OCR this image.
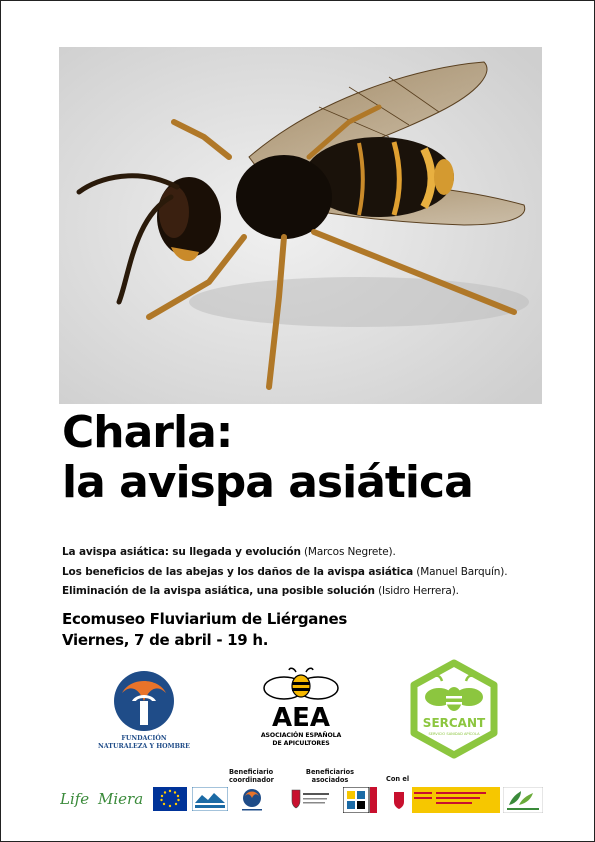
Charla:
la avispa asiática
La avispa asiática: su llegada y evolución (Marcos Negrete).
Los beneficios de las abejas y los daños de la avispa asiática (Manuel Barquín).
Eliminación de la avispa asiática, una posible solución (Isidro Herrera).
Ecomuseo Fluviarium de Liérganes
Viernes, 7 de abril - 19 h.
FUNDACIÓN
NATURALEZA Y HOMBRE
AEA
ASOCIACIÓN ESPAÑOLA
DE APICULTORES
SERCANT
SERVICIO SANIDAD APÍCOLA
Beneficiario
coordinador
Beneficiarios
asociados	Con el
Life Miera
